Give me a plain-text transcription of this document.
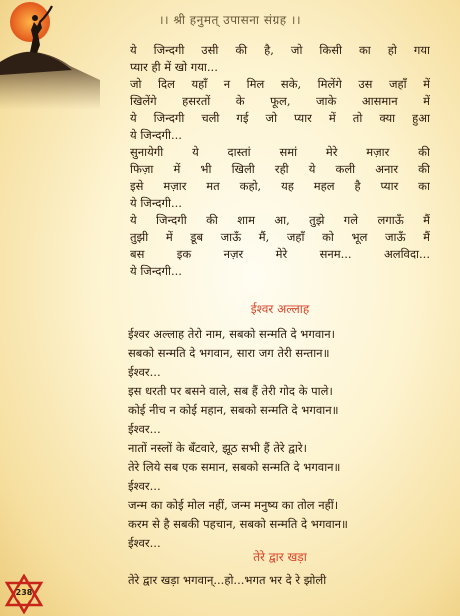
।। श्री हनुमत् उपासना संग्रह ।।
ये जिन्दगी उसी की है, जो किसी का हो गया
प्यार ही में खो गया...
जो दिल यहाँ न मिल सके, मिलेंगे उस जहाँ में
खिलेंगे हसरतों के फूल, जाके आसमान में
ये जिन्दगी चली गई जो प्यार में तो क्या हुआ
ये जिन्दगी...
सुनायेगी ये दास्तां समां मेरे मज़ार की
फिज़ा में भी खिली रही ये कली अनार की
इसे मज़ार मत कहो, यह महल है प्यार का
ये जिन्दगी...
ये जिन्दगी की शाम आ, तुझे गले लगाऊँ मैं
तुझी में डूब जाऊँ मैं, जहाँ को भूल जाऊँ मैं
बस इक नज़र मेरे सनम... अलविदा...
ये जिन्दगी...
ईश्वर अल्लाह
ईश्वर अल्लाह तेरो नाम, सबको सन्मति दे भगवान।
सबको सन्मति दे भगवान, सारा जग तेरी सन्तान॥
ईश्वर...
इस धरती पर बसने वाले, सब हैं तेरी गोद के पाले।
कोई नीच न कोई महान, सबको सन्मति दे भगवान॥
ईश्वर...
नातों नस्लों के बँटवारे, झूठ सभी हैं तेरे द्वारे।
तेरे लिये सब एक समान, सबको सन्मति दे भगवान॥
ईश्वर...
जन्म का कोई मोल नहीं, जन्म मनुष्य का तोल नहीं।
करम से है सबकी पहचान, सबको सन्मति दे भगवान॥
ईश्वर...
तेरे द्वार खड़ा
तेरे द्वार खड़ा भगवान्...हो...भगत भर दे रे झोली
238
